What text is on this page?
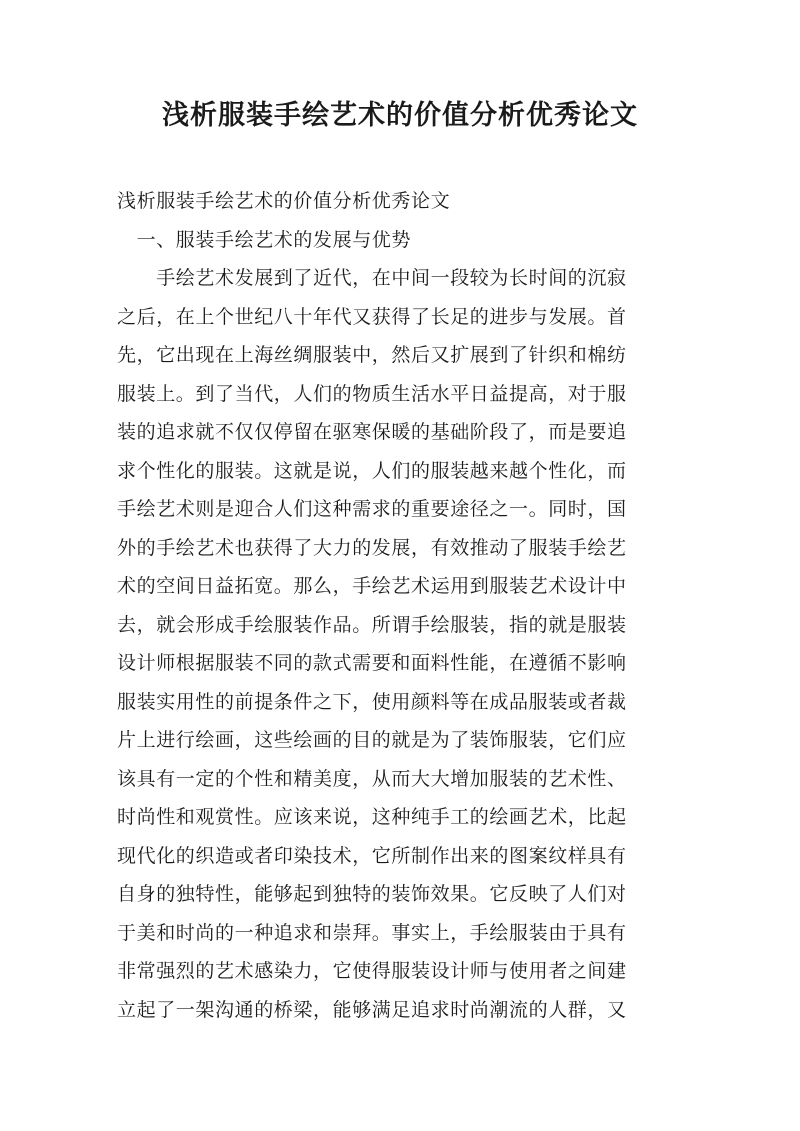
浅析服装手绘艺术的价值分析优秀论文

浅析服装手绘艺术的价值分析优秀论文

　一、服装手绘艺术的发展与优势

　　手绘艺术发展到了近代，在中间一段较为长时间的沉寂

之后，在上个世纪八十年代又获得了长足的进步与发展。首

先，它出现在上海丝绸服装中，然后又扩展到了针织和棉纺

服装上。到了当代，人们的物质生活水平日益提高，对于服

装的追求就不仅仅停留在驱寒保暖的基础阶段了，而是要追

求个性化的服装。这就是说，人们的服装越来越个性化，而

手绘艺术则是迎合人们这种需求的重要途径之一。同时，国

外的手绘艺术也获得了大力的发展，有效推动了服装手绘艺

术的空间日益拓宽。那么，手绘艺术运用到服装艺术设计中

去，就会形成手绘服装作品。所谓手绘服装，指的就是服装

设计师根据服装不同的款式需要和面料性能，在遵循不影响

服装实用性的前提条件之下，使用颜料等在成品服装或者裁

片上进行绘画，这些绘画的目的就是为了装饰服装，它们应

该具有一定的个性和精美度，从而大大增加服装的艺术性、

时尚性和观赏性。应该来说，这种纯手工的绘画艺术，比起

现代化的织造或者印染技术，它所制作出来的图案纹样具有

自身的独特性，能够起到独特的装饰效果。它反映了人们对

于美和时尚的一种追求和崇拜。事实上，手绘服装由于具有

非常强烈的艺术感染力，它使得服装设计师与使用者之间建

立起了一架沟通的桥梁，能够满足追求时尚潮流的人群，又
